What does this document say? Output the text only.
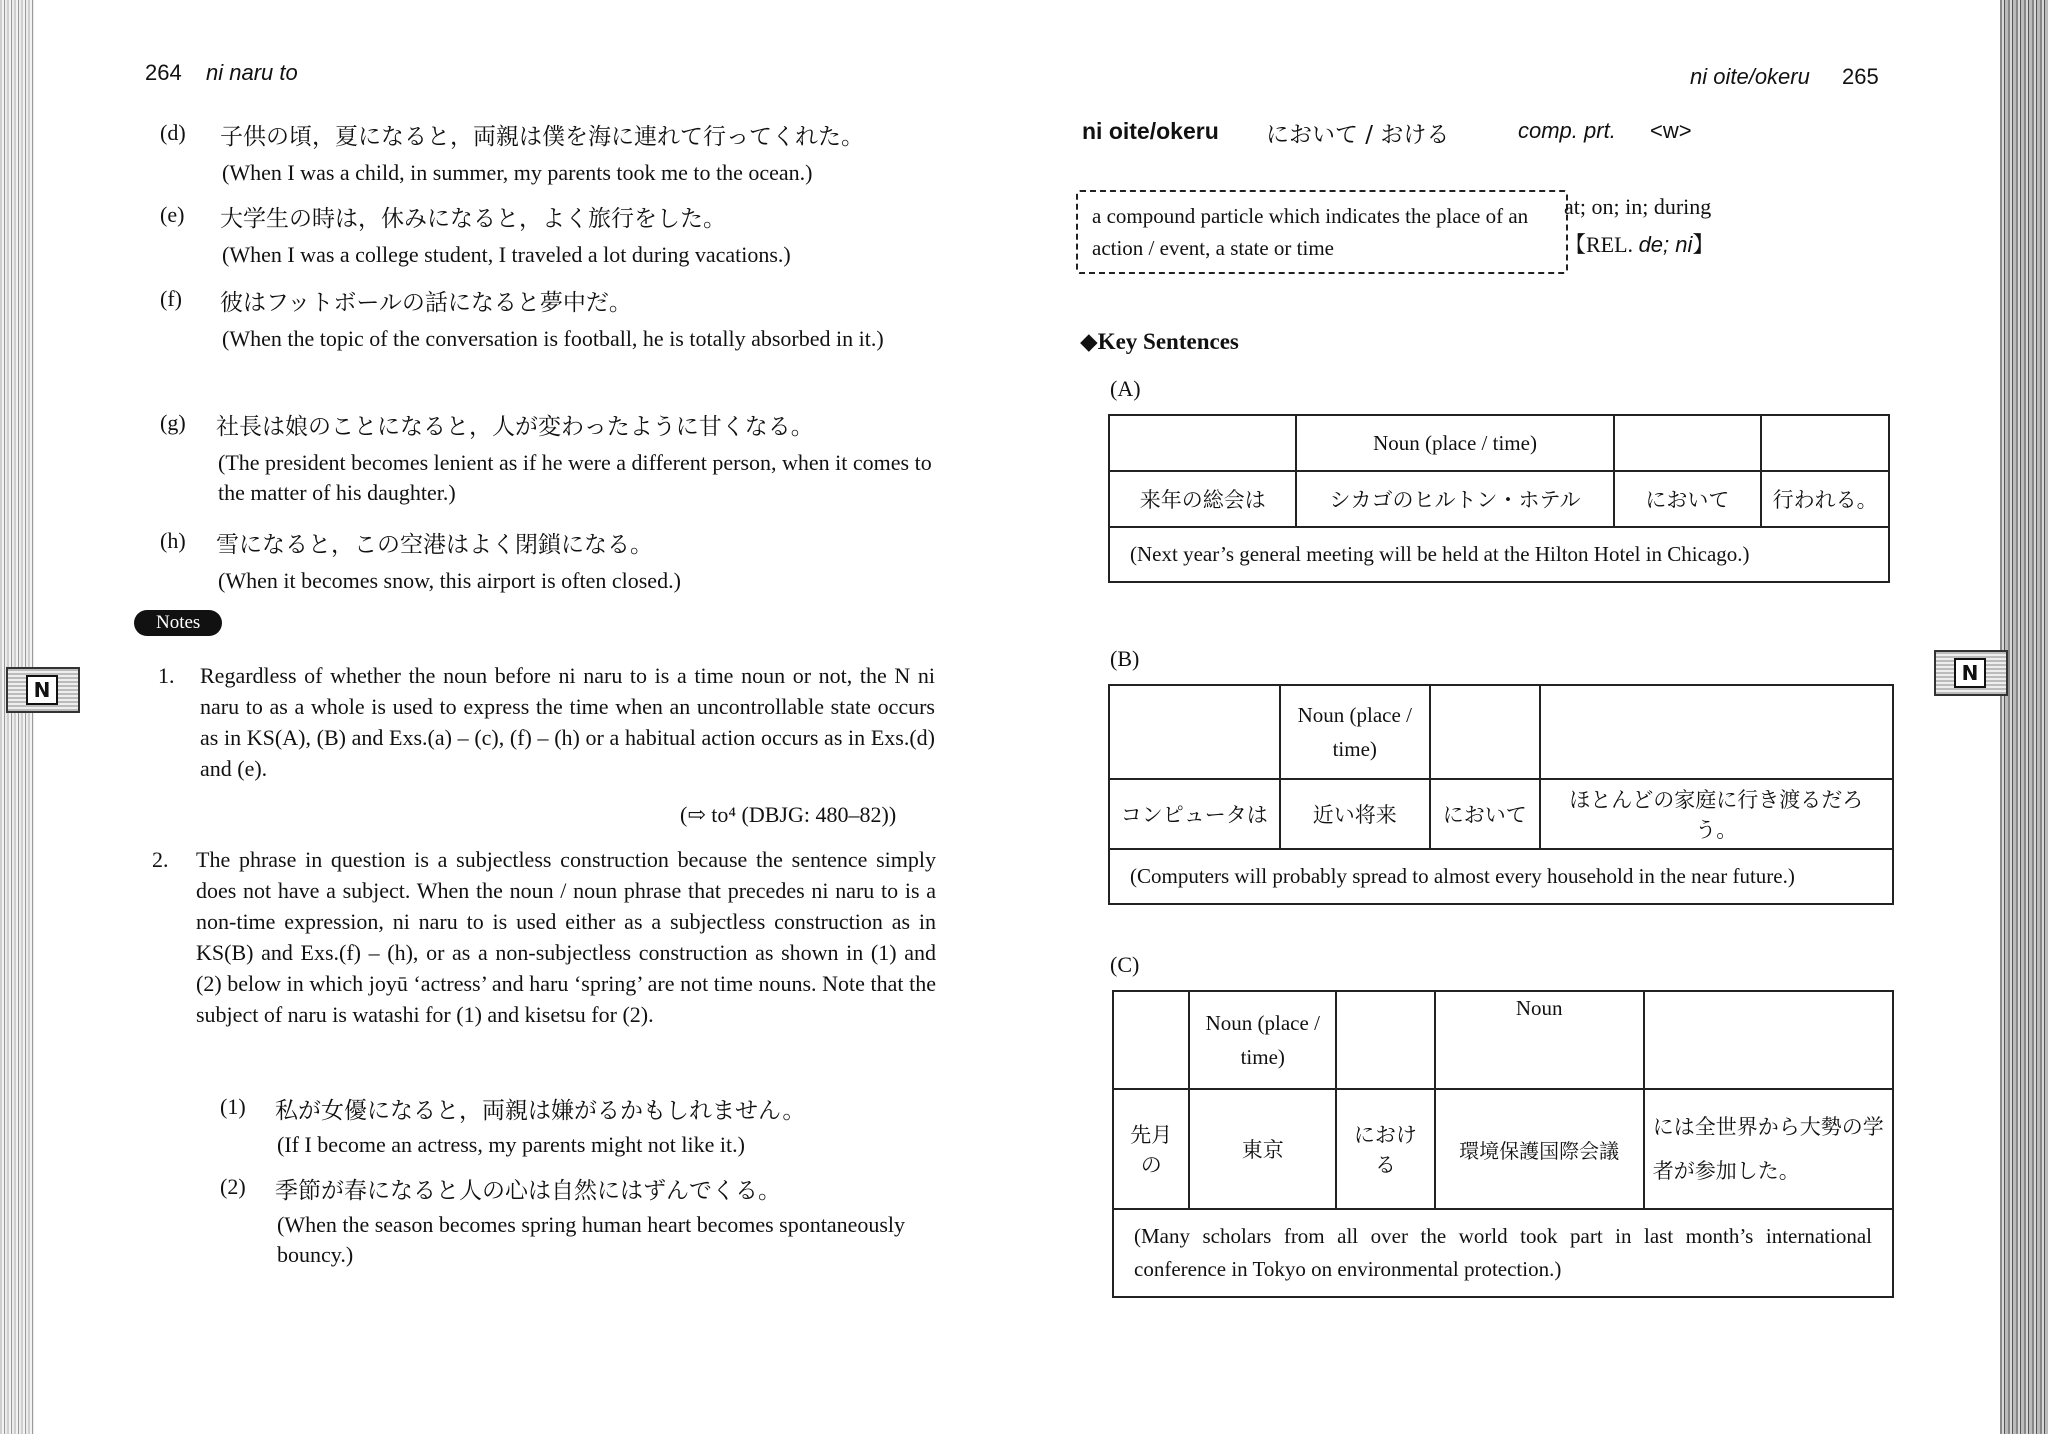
N
N
264 ni naru to
(d)	子供の頃，夏になると，両親は僕を海に連れて行ってくれた。
(When I was a child, in summer, my parents took me to the ocean.)
(e)	大学生の時は，休みになると，よく旅行をした。
(When I was a college student, I traveled a lot during vacations.)
(f)	彼はフットボールの話になると夢中だ。
(When the topic of the conversation is football, he is totally absorbed in it.)
(g)	社長は娘のことになると，人が変わったように甘くなる。
(The president becomes lenient as if he were a different person, when it comes to the matter of his daughter.)
(h)	雪になると，この空港はよく閉鎖になる。
(When it becomes snow, this airport is often closed.)
Notes
1. Regardless of whether the noun before ni naru to is a time noun or not, the N ni naru to as a whole is used to express the time when an uncontrollable state occurs as in KS(A), (B) and Exs.(a) – (c), (f) – (h) or a habitual action occurs as in Exs.(d) and (e).
(⇨ to⁴ (DBJG: 480–82))
2. The phrase in question is a subjectless construction because the sentence simply does not have a subject. When the noun / noun phrase that precedes ni naru to is a non-time expression, ni naru to is used either as a subjectless construction as in KS(B) and Exs.(f) – (h), or as a non-subjectless construction as shown in (1) and (2) below in which joyū ‘actress’ and haru ‘spring’ are not time nouns. Note that the subject of naru is watashi for (1) and kisetsu for (2).
(1) 私が女優になると，両親は嫌がるかもしれません。
(If I become an actress, my parents might not like it.)
(2) 季節が春になると人の心は自然にはずんでくる。
(When the season becomes spring human heart becomes spontaneously bouncy.)
ni oite/okeru 265
ni oite/okeru において / おける	comp. prt. <w>
a compound particle which indicates the place of an action / event, a state or time
at; on; in; during
【REL. de; ni】
◆Key Sentences
(A)
	Noun (place / time)		
来年の総会は	シカゴのヒルトン・ホテル	において	行われる。
(Next year’s general meeting will be held at the Hilton Hotel in Chicago.)			
(B)
	Noun (place / time)		
コンピュータは	近い将来	において	ほとんどの家庭に行き渡るだろう。
(Computers will probably spread to almost every household in the near future.)			
(C)
	Noun (place / time)		Noun	
先月の	東京	における	環境保護国際会議	には全世界から大勢の学者が参加した。
(Many scholars from all over the world took part in last month’s international conference in Tokyo on environmental protection.)				
